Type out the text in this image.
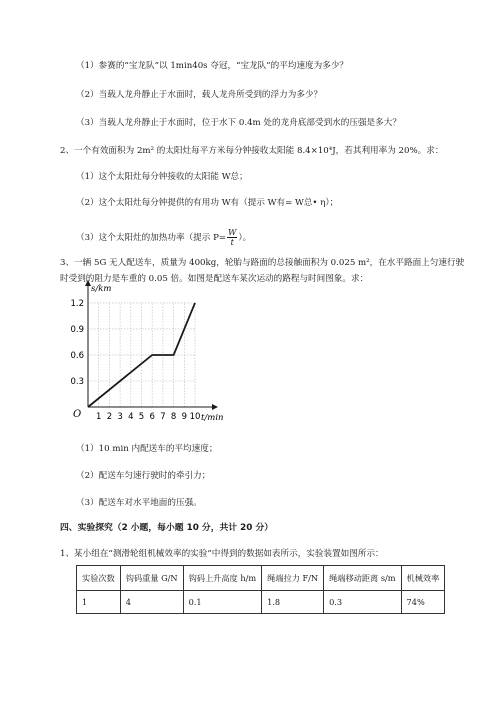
（1）参赛的“宝龙队”以 1min40s 夺冠，“宝龙队”的平均速度为多少？
（2）当载人龙舟静止于水面时，载人龙舟所受到的浮力为多少？
（3）当载人龙舟静止于水面时，位于水下 0.4m 处的龙舟底部受到水的压强是多大？
2、一个有效面积为 2m² 的太阳灶每平方米每分钟接收太阳能 8.4×10⁴J，若其利用率为 20%。求：
（1）这个太阳灶每分钟接收的太阳能 W总；
（2）这个太阳灶每分钟提供的有用功 W有（提示 W有= W总• η）；
（3）这个太阳灶的加热功率（提示 $P= \frac{W}{t}$ ）。
3、一辆 5G 无人配送车，质量为 400kg，轮胎与路面的总接触面积为 0.025 m²，在水平路面上匀速行驶
时受到的阻力是车重的 0.05 倍。如图是配送车某次运动的路程与时间图象。求：
1 2 3 4 5 6 7 8 9 10
0.3
0.6
0.9
1.2
s/km
t/min
O
（1）10 min 内配送车的平均速度；
（2）配送车匀速行驶时的牵引力；
（3）配送车对水平地面的压强。
四、实验探究（2 小题，每小题 10 分，共计 20 分）
1、某小组在“测滑轮组机械效率的实验”中得到的数据如表所示，实验装置如图所示：
实验次数	钩码重量 G/N	钩码上升高度 h/m	绳端拉力 F/N	绳端移动距离 s/m	机械效率
1	4	0.1	1.8	0.3	74%
